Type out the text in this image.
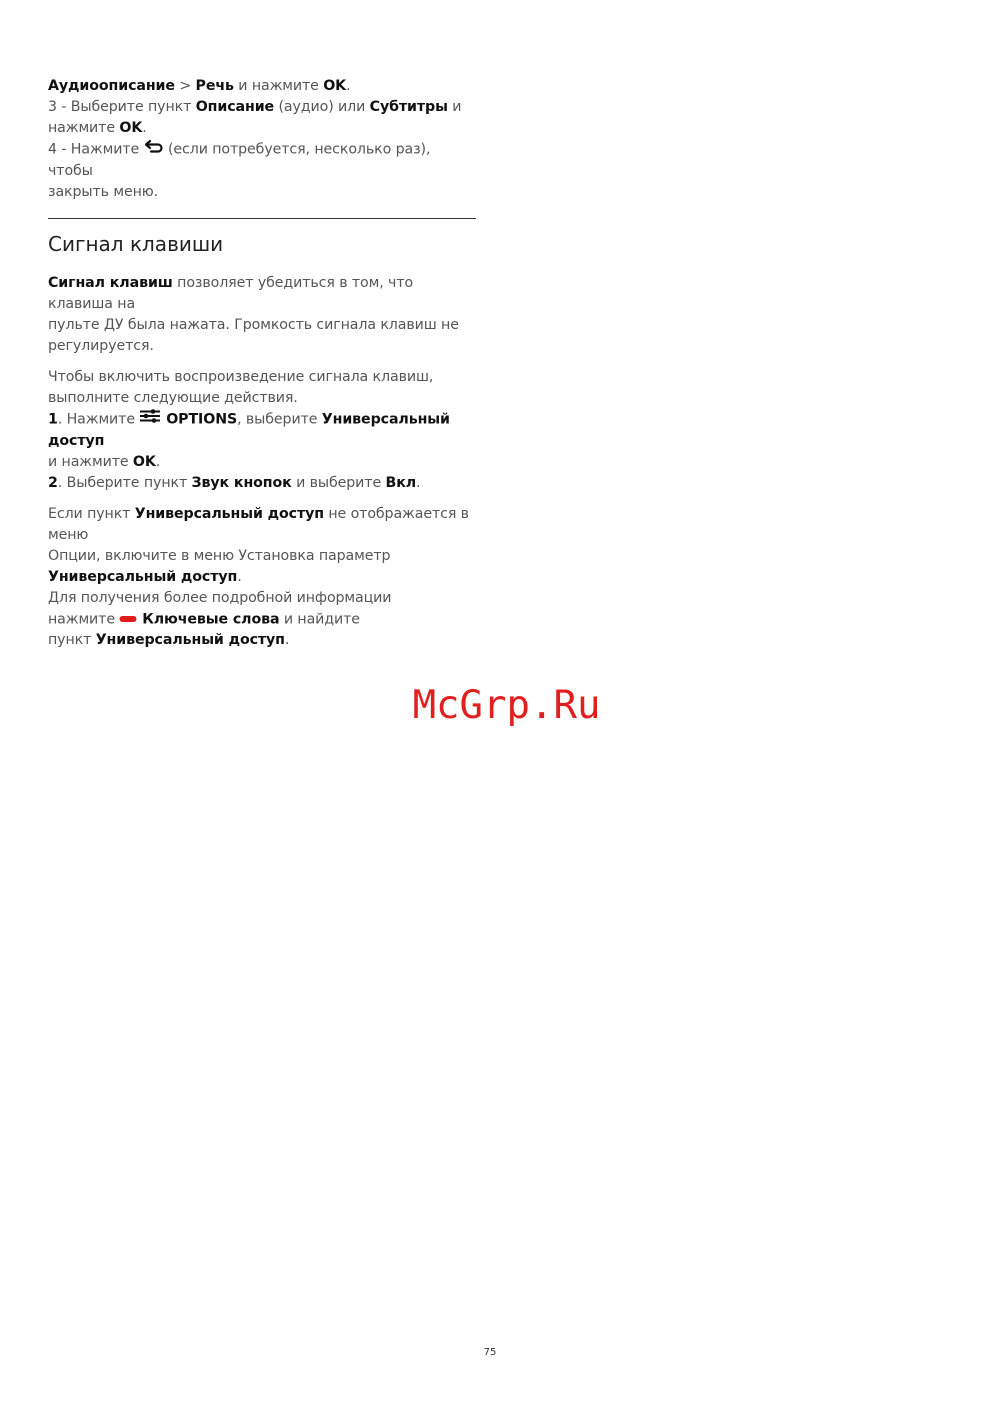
Аудиоописание > Речь и нажмите OK.

3 - Выберите пункт Описание (аудио) или Субтитры и

нажмите OK.

4 - Нажмите  (если потребуется, несколько раз), чтобы

закрыть меню.

Сигнал клавиши

Сигнал клавиш позволяет убедиться в том, что клавиша на

пульте ДУ была нажата. Громкость сигнала клавиш не

регулируется.

Чтобы включить воспроизведение сигнала клавиш,

выполните следующие действия.

1. Нажмите  OPTIONS, выберите Универсальный доступ

и нажмите OK.

2. Выберите пункт Звук кнопок и выберите Вкл.

Если пункт Универсальный доступ не отображается в меню

Опции, включите в меню Установка параметр

Универсальный доступ.

Для получения более подробной информации

нажмите  Ключевые слова и найдите

пункт Универсальный доступ.

McGrp.Ru
75
